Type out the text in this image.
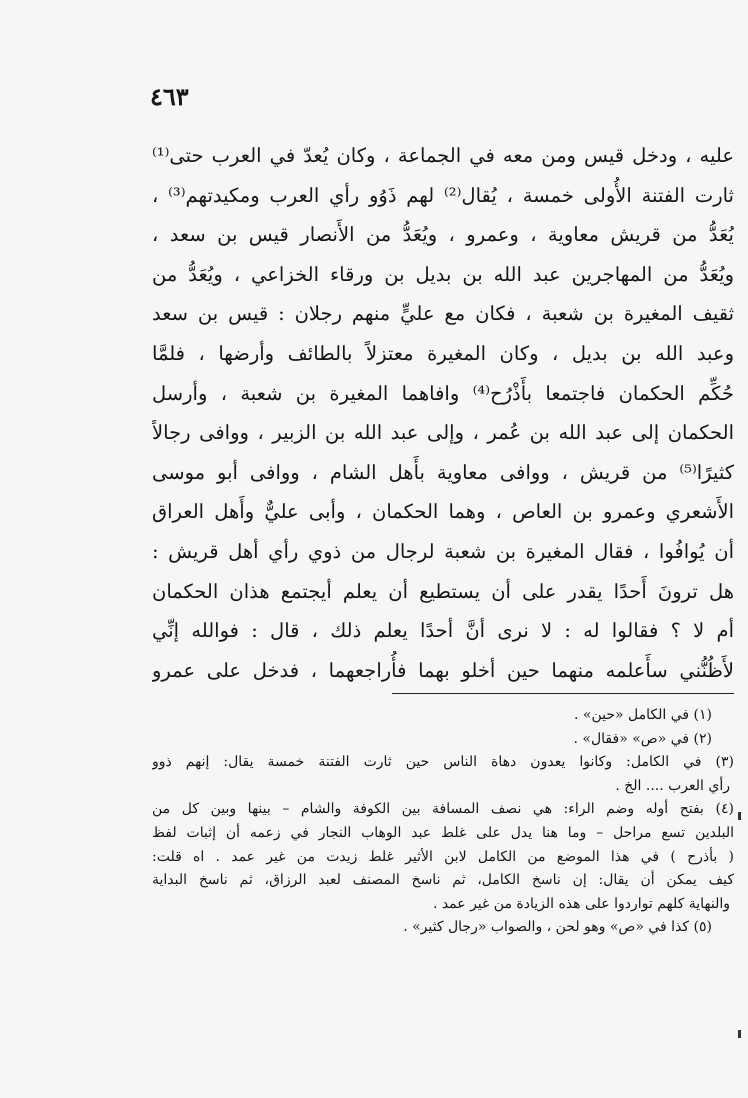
٤٦٣
عليه ، ودخل قيس ومن معه في الجماعة ، وكان يُعدّ في العرب حتى⁽¹⁾
ثارت الفتنة الأُولى خمسة ، يُقال⁽²⁾ لهم ذَوُو رأي العرب ومكيدتهم⁽³⁾ ،
يُعَدُّ من قريش معاوية ، وعمرو ، ويُعَدُّ من الأَنصار قيس بن سعد ،
ويُعَدُّ من المهاجرين عبد الله بن بديل بن ورقاء الخزاعي ، ويُعَدُّ من
ثقيف المغيرة بن شعبة ، فكان مع عليٍّ منهم رجلان : قيس بن سعد
وعبد الله بن بديل ، وكان المغيرة معتزلاً بالطائف وأرضها ، فلمَّا
حُكِّم الحكمان فاجتمعا بأَذْرُح⁽⁴⁾ وافاهما المغيرة بن شعبة ، وأرسل
الحكمان إلى عبد الله بن عُمر ، وإلى عبد الله بن الزبير ، ووافى رجالاً
كثيرًا⁽⁵⁾ من قريش ، ووافى معاوية بأَهل الشام ، ووافى أبو موسى
الأَشعري وعمرو بن العاص ، وهما الحكمان ، وأبى عليٌّ وأَهل العراق
أن يُوافُوا ، فقال المغيرة بن شعبة لرجال من ذوي رأي أهل قريش :
هل ترونَ أَحدًا يقدر على أن يستطيع أن يعلم أيجتمع هذان الحكمان
أم لا ؟ فقالوا له : لا نرى أنَّ أحدًا يعلم ذلك ، قال : فوالله إنِّي
لأَظُنُّني سأَعلمه منهما حين أخلو بهما فأُراجعهما ، فدخل على عمرو
(١) في الكامل «حين» .
(٢) في «ص» «فقال» .
(٣) في الكامل: وكانوا يعدون دهاة الناس حين ثارت الفتنة خمسة يقال: إنهم ذوو
رأي العرب .... الخ .
(٤) بفتح أوله وضم الراء: هي نصف المسافة بين الكوفة والشام – بينها وبين كل من
البلدين تسع مراحل – وما هنا يدل على غلط عبد الوهاب النجار في زعمه أن إثبات لفظ
( بأذرح ) في هذا الموضع من الكامل لابن الأثير غلط زيدت من غير عمد . اه قلت:
كيف يمكن أن يقال: إن ناسخ الكامل، ثم ناسخ المصنف لعبد الرزاق، ثم ناسخ البداية
والنهاية كلهم تواردوا على هذه الزيادة من غير عمد .
(٥) كذا في «ص» وهو لحن ، والصواب «رجال كثير» .
